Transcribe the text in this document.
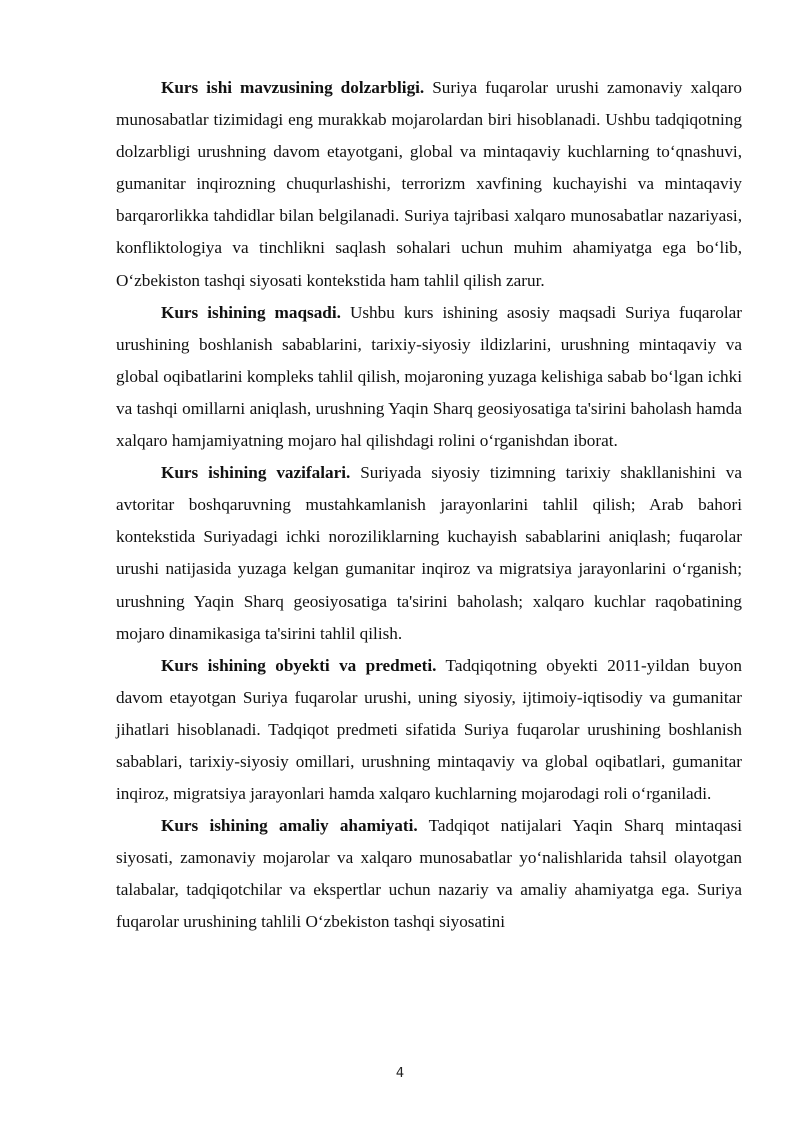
Kurs ishi mavzusining dolzarbligi. Suriya fuqarolar urushi zamonaviy xalqaro munosabatlar tizimidagi eng murakkab mojarolardan biri hisoblanadi. Ushbu tadqiqotning dolzarbligi urushning davom etayotgani, global va mintaqaviy kuchlarning to‘qnashuvi, gumanitar inqirozning chuqurlashishi, terrorizm xavfining kuchayishi va mintaqaviy barqarorlikka tahdidlar bilan belgilanadi. Suriya tajribasi xalqaro munosabatlar nazariyasi, konfliktologiya va tinchlikni saqlash sohalari uchun muhim ahamiyatga ega bo‘lib, O‘zbekiston tashqi siyosati kontekstida ham tahlil qilish zarur.

Kurs ishining maqsadi. Ushbu kurs ishining asosiy maqsadi Suriya fuqarolar urushining boshlanish sabablarini, tarixiy-siyosiy ildizlarini, urushning mintaqaviy va global oqibatlarini kompleks tahlil qilish, mojaroning yuzaga kelishiga sabab bo‘lgan ichki va tashqi omillarni aniqlash, urushning Yaqin Sharq geosiyosatiga ta'sirini baholash hamda xalqaro hamjamiyatning mojaro hal qilishdagi rolini o‘rganishdan iborat.

Kurs ishining vazifalari. Suriyada siyosiy tizimning tarixiy shakllanishini va avtoritar boshqaruvning mustahkamlanish jarayonlarini tahlil qilish; Arab bahori kontekstida Suriyadagi ichki noroziliklarning kuchayish sabablarini aniqlash; fuqarolar urushi natijasida yuzaga kelgan gumanitar inqiroz va migratsiya jarayonlarini o‘rganish; urushning Yaqin Sharq geosiyosatiga ta'sirini baholash; xalqaro kuchlar raqobatining mojaro dinamikasiga ta'sirini tahlil qilish.

Kurs ishining obyekti va predmeti. Tadqiqotning obyekti 2011-yildan buyon davom etayotgan Suriya fuqarolar urushi, uning siyosiy, ijtimoiy-iqtisodiy va gumanitar jihatlari hisoblanadi. Tadqiqot predmeti sifatida Suriya fuqarolar urushining boshlanish sabablari, tarixiy-siyosiy omillari, urushning mintaqaviy va global oqibatlari, gumanitar inqiroz, migratsiya jarayonlari hamda xalqaro kuchlarning mojarodagi roli o‘rganiladi.

Kurs ishining amaliy ahamiyati. Tadqiqot natijalari Yaqin Sharq mintaqasi siyosati, zamonaviy mojarolar va xalqaro munosabatlar yo‘nalishlarida tahsil olayotgan talabalar, tadqiqotchilar va ekspertlar uchun nazariy va amaliy ahamiyatga ega. Suriya fuqarolar urushining tahlili O‘zbekiston tashqi siyosatini

4
